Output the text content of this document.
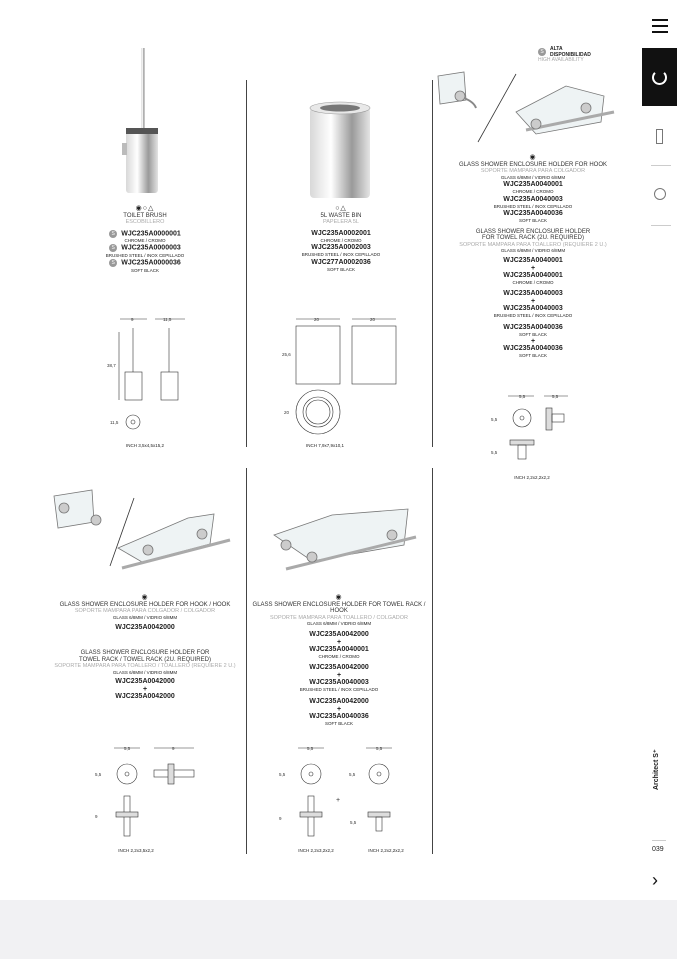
S	ALTA DISPONIBILIDAD
HIGH AVAILABILITY
◉○△
TOILET BRUSH
ESCOBILLERO
S WJC235A0000001
CHROME / CROMO
S WJC235A0000003
BRUSHED STEEL / INOX CEPILLADO
S WJC235A0000036
SOFT BLACK
9	11,5
38,7
11,5
INCH 3,5x4,5x15,2
○△
5L WASTE BIN
PAPELERA 5L
WJC235A0002001
CHROME / CROMO
WJC235A0002003
BRUSHED STEEL / INOX CEPILLADO
WJC277A0002036
SOFT BLACK
20	20
25,6
20
INCH 7,9x7,9x10,1
◉
GLASS SHOWER ENCLOSURE HOLDER FOR HOOK
SOPORTE MAMPARA PARA COLGADOR
GLASS 6/8MM / VIDRIO 6/8MM
WJC235A0040001
CHROME / CROMO
WJC235A0040003
BRUSHED STEEL / INOX CEPILLADO
WJC235A0040036
SOFT BLACK
GLASS SHOWER ENCLOSURE HOLDER
FOR TOWEL RACK (2U. REQUIRED)
SOPORTE MAMPARA PARA TOALLERO (REQUIERE 2 U.)
GLASS 6/8MM / VIDRIO 6/8MM
WJC235A0040001
+
WJC235A0040001
CHROME / CROMO
WJC235A0040003
+
WJC235A0040003
BRUSHED STEEL / INOX CEPILLADO
WJC235A0040036
SOFT BLACK
+
WJC235A0040036
SOFT BLACK
5,5	5,5
5,5
5,5
INCH 2,2x2,2x2,2
◉
GLASS SHOWER ENCLOSURE HOLDER FOR HOOK / HOOK
SOPORTE MAMPARA PARA COLGADOR / COLGADOR
GLASS 6/8MM / VIDRIO 6/8MM
WJC235A0042000
GLASS SHOWER ENCLOSURE HOLDER FOR
TOWEL RACK / TOWEL RACK (2U. REQUIRED)
SOPORTE MAMPARA PARA TOALLERO / TOALLERO (REQUIERE 2 U.)
GLASS 6/8MM / VIDRIO 6/8MM
WJC235A0042000
+
WJC235A0042000
5,5	9
5,5
9
INCH 2,2x3,5x2,2
◉
GLASS SHOWER ENCLOSURE HOLDER FOR TOWEL RACK / HOOK
SOPORTE MAMPARA PARA TOALLERO / COLGADOR
GLASS 6/8MM / VIDRIO 6/8MM
WJC235A0042000
+
WJC235A0040001
CHROME / CROMO
WJC235A0042000
+
WJC235A0040003
BRUSHED STEEL / INOX CEPILLADO
WJC235A0042000
+
WJC235A0040036
SOFT BLACK
5,5	5,5
5,5	5,5
+
9
5,5
INCH 2,2x3,2x2,2	INCH 2,2x2,2x2,2
Architect S⁺
039
›
